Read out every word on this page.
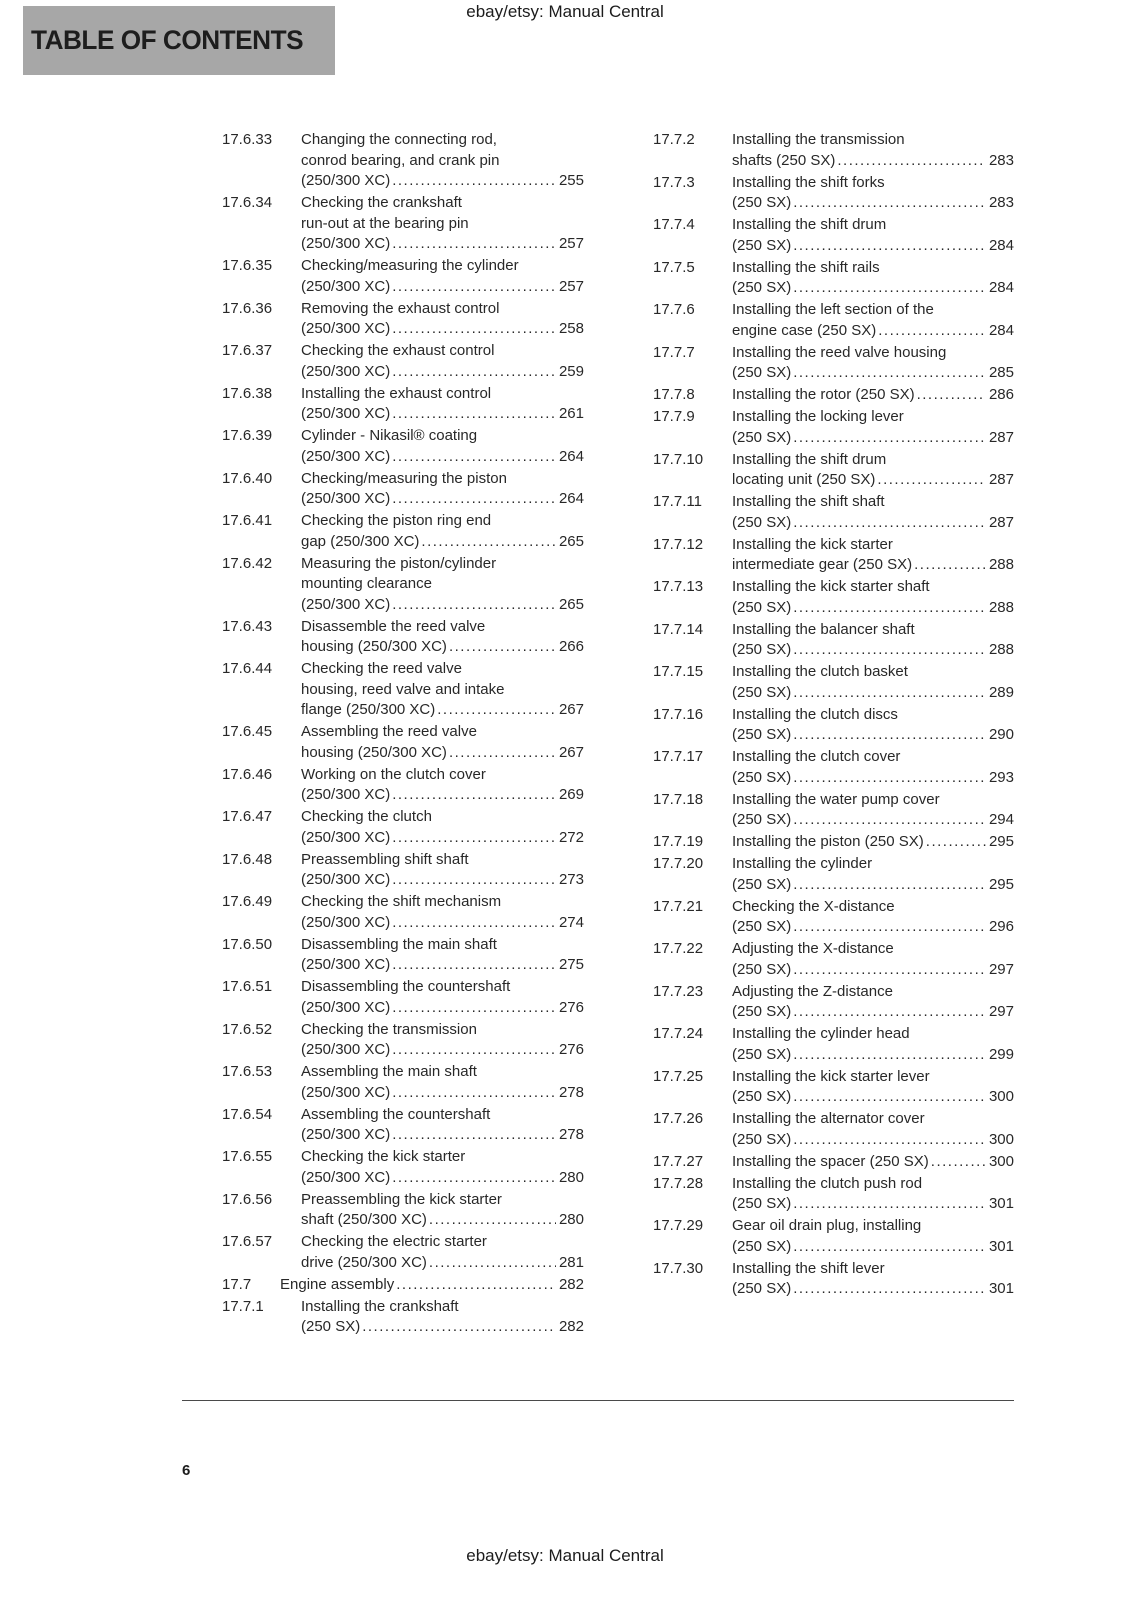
ebay/etsy: Manual Central
TABLE OF CONTENTS
17.6.33	Changing the connecting rod,
conrod bearing, and crank pin
(250/300 XC) .....	255
17.6.34	Checking the crankshaft
run-out at the bearing pin
(250/300 XC) .....	257
17.6.35	Checking/measuring the cylinder
(250/300 XC) .....	257
17.6.36	Removing the exhaust control
(250/300 XC) .....	258
17.6.37	Checking the exhaust control
(250/300 XC) .....	259
17.6.38	Installing the exhaust control
(250/300 XC) .....	261
17.6.39	Cylinder - Nikasil® coating
(250/300 XC) .....	264
17.6.40	Checking/measuring the piston
(250/300 XC) .....	264
17.6.41	Checking the piston ring end
gap (250/300 XC) .....	265
17.6.42	Measuring the piston/cylinder
mounting clearance
(250/300 XC) .....	265
17.6.43	Disassemble the reed valve
housing (250/300 XC) .....	266
17.6.44	Checking the reed valve
housing, reed valve and intake
flange (250/300 XC) .....	267
17.6.45	Assembling the reed valve
housing (250/300 XC) .....	267
17.6.46	Working on the clutch cover
(250/300 XC) .....	269
17.6.47	Checking the clutch
(250/300 XC) .....	272
17.6.48	Preassembling shift shaft
(250/300 XC) .....	273
17.6.49	Checking the shift mechanism
(250/300 XC) .....	274
17.6.50	Disassembling the main shaft
(250/300 XC) .....	275
17.6.51	Disassembling the countershaft
(250/300 XC) .....	276
17.6.52	Checking the transmission
(250/300 XC) .....	276
17.6.53	Assembling the main shaft
(250/300 XC) .....	278
17.6.54	Assembling the countershaft
(250/300 XC) .....	278
17.6.55	Checking the kick starter
(250/300 XC) .....	280
17.6.56	Preassembling the kick starter
shaft (250/300 XC) .....	280
17.6.57	Checking the electric starter
drive (250/300 XC) .....	281
17.7	Engine assembly .....	282
17.7.1	Installing the crankshaft
(250 SX) .....	282
17.7.2	Installing the transmission
shafts (250 SX) .....	283
17.7.3	Installing the shift forks
(250 SX) .....	283
17.7.4	Installing the shift drum
(250 SX) .....	284
17.7.5	Installing the shift rails
(250 SX) .....	284
17.7.6	Installing the left section of the
engine case (250 SX) .....	284
17.7.7	Installing the reed valve housing
(250 SX) .....	285
17.7.8	Installing the rotor (250 SX) .....	286
17.7.9	Installing the locking lever
(250 SX) .....	287
17.7.10	Installing the shift drum
locating unit (250 SX) .....	287
17.7.11	Installing the shift shaft
(250 SX) .....	287
17.7.12	Installing the kick starter
intermediate gear (250 SX) .....	288
17.7.13	Installing the kick starter shaft
(250 SX) .....	288
17.7.14	Installing the balancer shaft
(250 SX) .....	288
17.7.15	Installing the clutch basket
(250 SX) .....	289
17.7.16	Installing the clutch discs
(250 SX) .....	290
17.7.17	Installing the clutch cover
(250 SX) .....	293
17.7.18	Installing the water pump cover
(250 SX) .....	294
17.7.19	Installing the piston (250 SX) .....	295
17.7.20	Installing the cylinder
(250 SX) .....	295
17.7.21	Checking the X-distance
(250 SX) .....	296
17.7.22	Adjusting the X-distance
(250 SX) .....	297
17.7.23	Adjusting the Z-distance
(250 SX) .....	297
17.7.24	Installing the cylinder head
(250 SX) .....	299
17.7.25	Installing the kick starter lever
(250 SX) .....	300
17.7.26	Installing the alternator cover
(250 SX) .....	300
17.7.27	Installing the spacer (250 SX) .....	300
17.7.28	Installing the clutch push rod
(250 SX) .....	301
17.7.29	Gear oil drain plug, installing
(250 SX) .....	301
17.7.30	Installing the shift lever
(250 SX) .....	301
6
ebay/etsy: Manual Central
